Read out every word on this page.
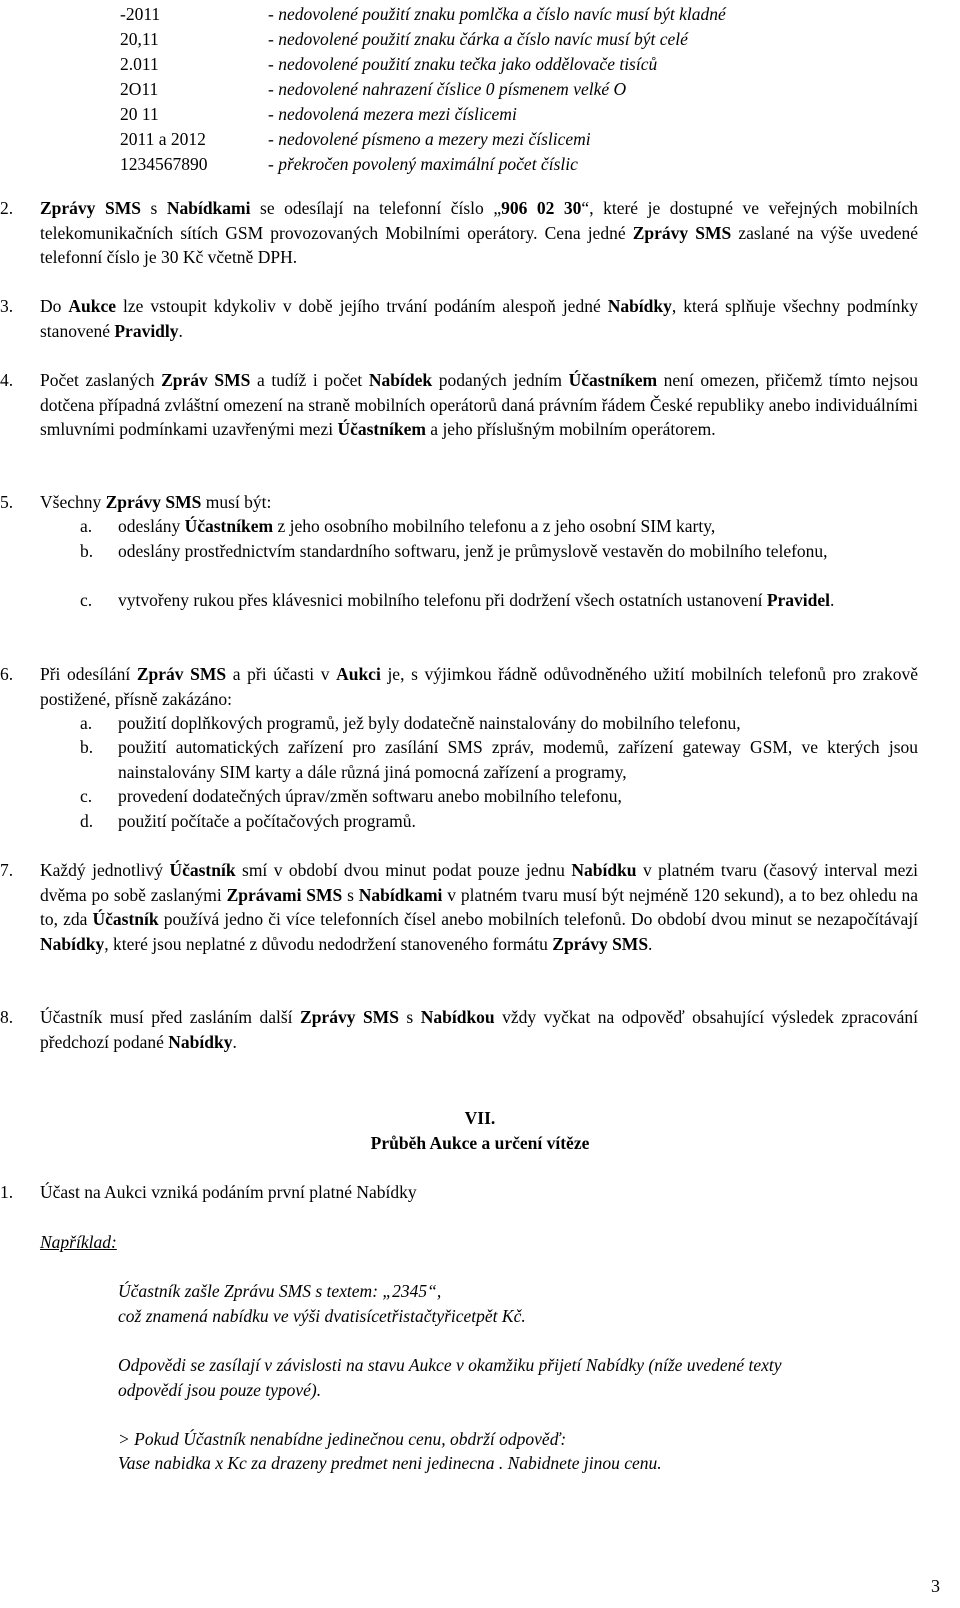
-2011	- nedovolené použití znaku pomlčka a číslo navíc musí být kladné
20,11	- nedovolené použití znaku čárka a číslo navíc musí být celé
2.011	- nedovolené použití znaku tečka jako oddělovače tisíců
2O11	- nedovolené nahrazení číslice 0 písmenem velké O
20 11	- nedovolená mezera mezi číslicemi
2011 a 2012	- nedovolené písmeno a mezery mezi číslicemi
1234567890	- překročen povolený maximální počet číslic
2. Zprávy SMS s Nabídkami se odesílají na telefonní číslo „906 02 30“, které je dostupné ve veřejných mobilních telekomunikačních sítích GSM provozovaných Mobilními operátory. Cena jedné Zprávy SMS zaslané na výše uvedené telefonní číslo je 30 Kč včetně DPH.
3. Do Aukce lze vstoupit kdykoliv v době jejího trvání podáním alespoň jedné Nabídky, která splňuje všechny podmínky stanovené Pravidly.
4. Počet zaslaných Zpráv SMS a tudíž i počet Nabídek podaných jedním Účastníkem není omezen, přičemž tímto nejsou dotčena případná zvláštní omezení na straně mobilních operátorů daná právním řádem České republiky anebo individuálními smluvními podmínkami uzavřenými mezi Účastníkem a jeho příslušným mobilním operátorem.
5. Všechny Zprávy SMS musí být:
a. odeslány Účastníkem z jeho osobního mobilního telefonu a z jeho osobní SIM karty,
b. odeslány prostřednictvím standardního softwaru, jenž je průmyslově vestavěn do mobilního telefonu,
c. vytvořeny rukou přes klávesnici mobilního telefonu při dodržení všech ostatních ustanovení Pravidel.
6. Při odesílání Zpráv SMS a při účasti v Aukci je, s výjimkou řádně odůvodněného užití mobilních telefonů pro zrakově postižené, přísně zakázáno:
a. použití doplňkových programů, jež byly dodatečně nainstalovány do mobilního telefonu,
b. použití automatických zařízení pro zasílání SMS zpráv, modemů, zařízení gateway GSM, ve kterých jsou nainstalovány SIM karty a dále různá jiná pomocná zařízení a programy,
c. provedení dodatečných úprav/změn softwaru anebo mobilního telefonu,
d. použití počítače a počítačových programů.
7. Každý jednotlivý Účastník smí v období dvou minut podat pouze jednu Nabídku v platném tvaru (časový interval mezi dvěma po sobě zaslanými Zprávami SMS s Nabídkami v platném tvaru musí být nejméně 120 sekund), a to bez ohledu na to, zda Účastník používá jedno či více telefonních čísel anebo mobilních telefonů. Do období dvou minut se nezapočítávají Nabídky, které jsou neplatné z důvodu nedodržení stanoveného formátu Zprávy SMS.
8. Účastník musí před zasláním další Zprávy SMS s Nabídkou vždy vyčkat na odpověď obsahující výsledek zpracování předchozí podané Nabídky.
VII.
Průběh Aukce a určení vítěze
1. Účast na Aukci vzniká podáním první platné Nabídky
Například:
Účastník zašle Zprávu SMS s textem: „2345“,
což znamená nabídku ve výši dvatisícetřistačtyřicetpět Kč.
Odpovědi se zasílají v závislosti na stavu Aukce v okamžiku přijetí Nabídky (níže uvedené texty
odpovědí jsou pouze typové).
> Pokud Účastník nenabídne jedinečnou cenu, obdrží odpověď:
Vase nabidka x Kc za drazeny predmet neni jedinecna . Nabidnete jinou cenu.
3
